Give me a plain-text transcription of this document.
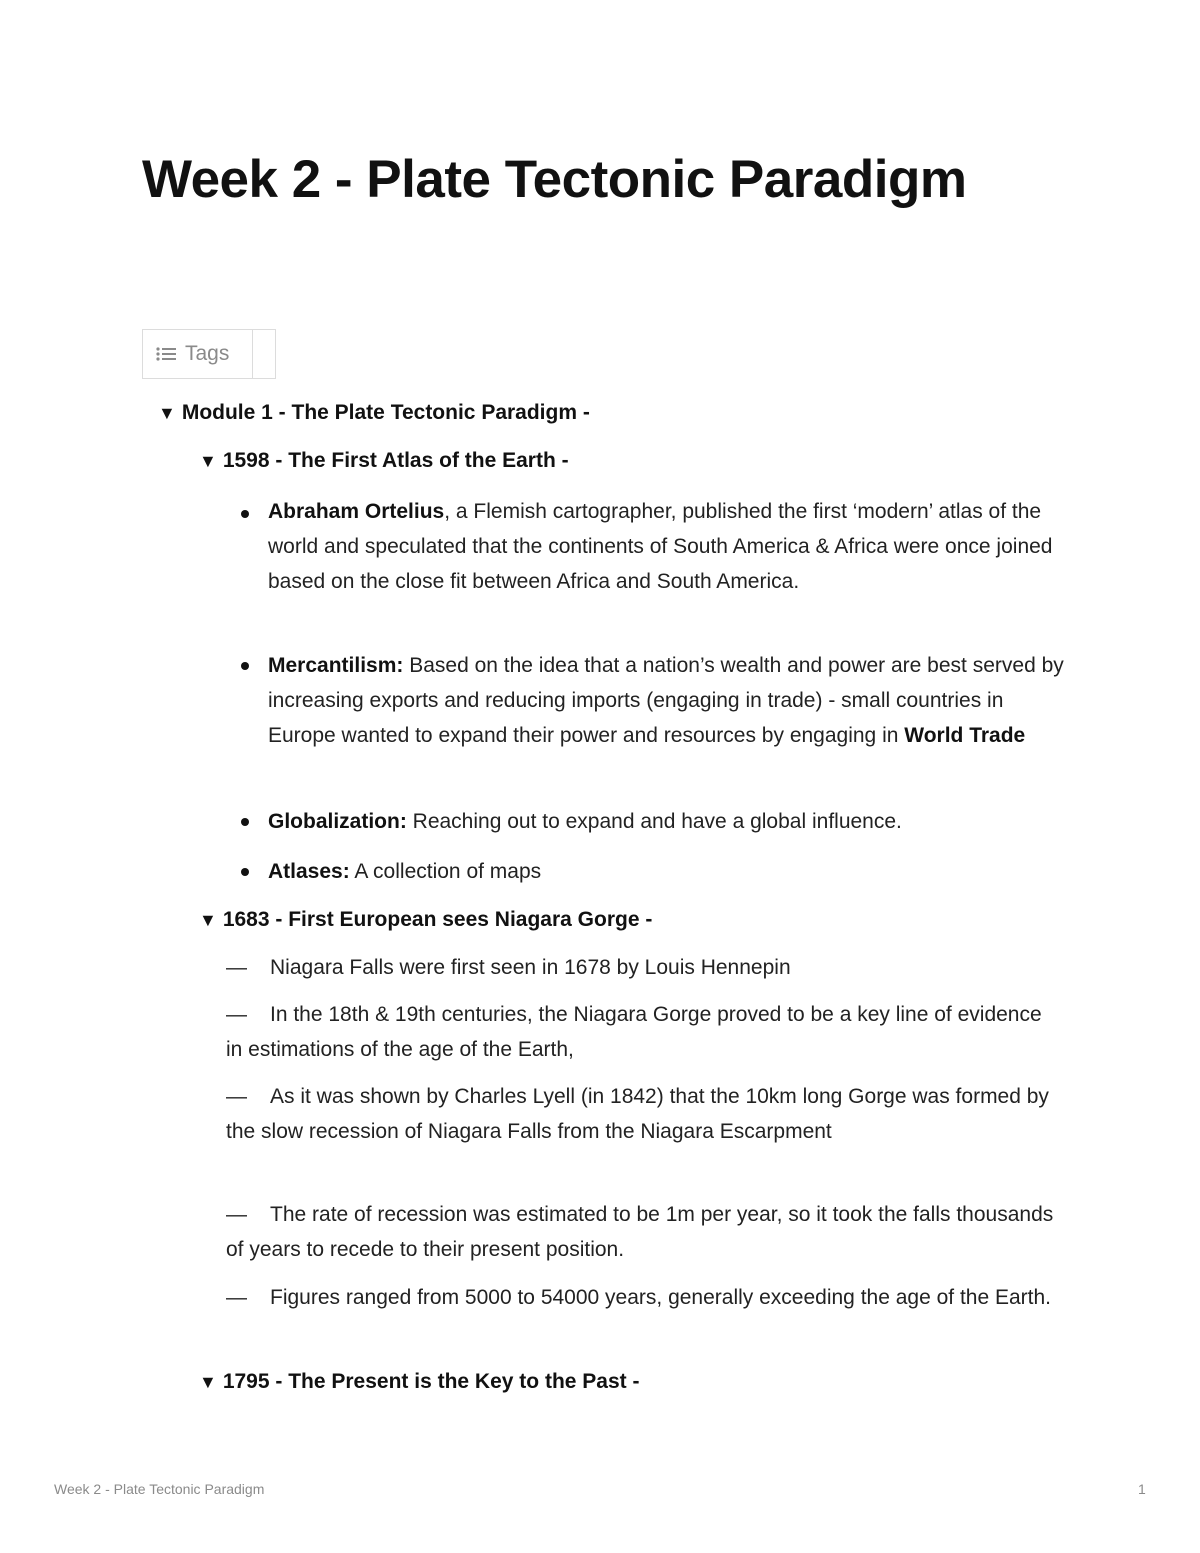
Week 2 - Plate Tectonic Paradigm
Tags
▼ Module 1 - The Plate Tectonic Paradigm -
▼ 1598 - The First Atlas of the Earth -
Abraham Ortelius, a Flemish cartographer, published the first ‘modern’ atlas of the world and speculated that the continents of South America & Africa were once joined based on the close fit between Africa and South America.
Mercantilism: Based on the idea that a nation’s wealth and power are best served by increasing exports and reducing imports (engaging in trade) - small countries in Europe wanted to expand their power and resources by engaging in World Trade
Globalization: Reaching out to expand and have a global influence.
Atlases: A collection of maps
▼ 1683 - First European sees Niagara Gorge -
— Niagara Falls were first seen in 1678 by Louis Hennepin
— In the 18th & 19th centuries, the Niagara Gorge proved to be a key line of evidence in estimations of the age of the Earth,
— As it was shown by Charles Lyell (in 1842) that the 10km long Gorge was formed by the slow recession of Niagara Falls from the Niagara Escarpment
— The rate of recession was estimated to be 1m per year, so it took the falls thousands of years to recede to their present position.
— Figures ranged from 5000 to 54000 years, generally exceeding the age of the Earth.
▼ 1795 - The Present is the Key to the Past -
Week 2 - Plate Tectonic Paradigm	1
